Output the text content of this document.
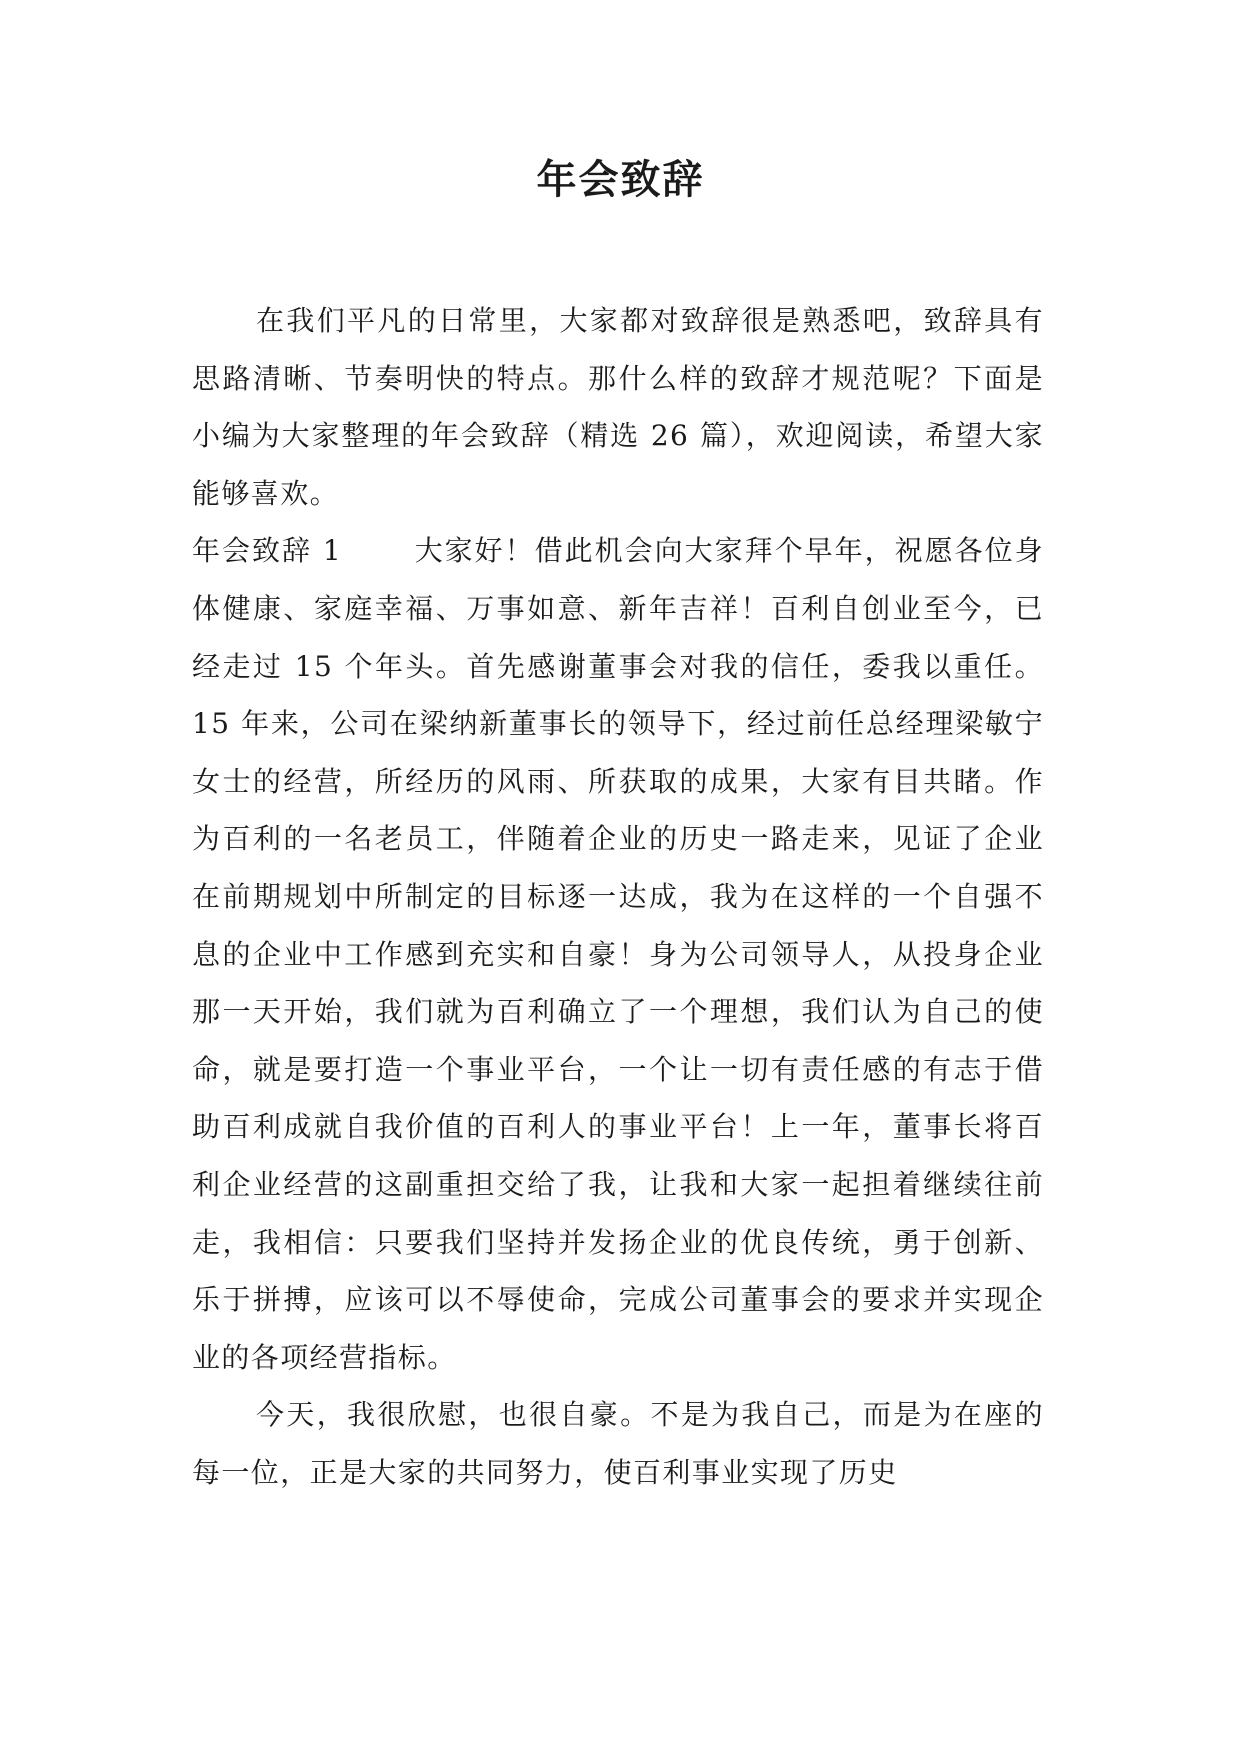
年会致辞

在我们平凡的日常里，大家都对致辞很是熟悉吧，致辞具有思路清晰、节奏明快的特点。那什么样的致辞才规范呢？下面是小编为大家整理的年会致辞（精选 26 篇），欢迎阅读，希望大家能够喜欢。

年会致辞 1	大家好！借此机会向大家拜个早年，祝愿各位身体健康、家庭幸福、万事如意、新年吉祥！百利自创业至今，已经走过 15 个年头。首先感谢董事会对我的信任，委我以重任。15 年来，公司在梁纳新董事长的领导下，经过前任总经理梁敏宁女士的经营，所经历的风雨、所获取的成果，大家有目共睹。作为百利的一名老员工，伴随着企业的历史一路走来，见证了企业在前期规划中所制定的目标逐一达成，我为在这样的一个自强不息的企业中工作感到充实和自豪！身为公司领导人，从投身企业那一天开始，我们就为百利确立了一个理想，我们认为自己的使命，就是要打造一个事业平台，一个让一切有责任感的有志于借助百利成就自我价值的百利人的事业平台！上一年，董事长将百利企业经营的这副重担交给了我，让我和大家一起担着继续往前走，我相信：只要我们坚持并发扬企业的优良传统，勇于创新、乐于拼搏，应该可以不辱使命，完成公司董事会的要求并实现企业的各项经营指标。

今天，我很欣慰，也很自豪。不是为我自己，而是为在座的每一位，正是大家的共同努力，使百利事业实现了历史
